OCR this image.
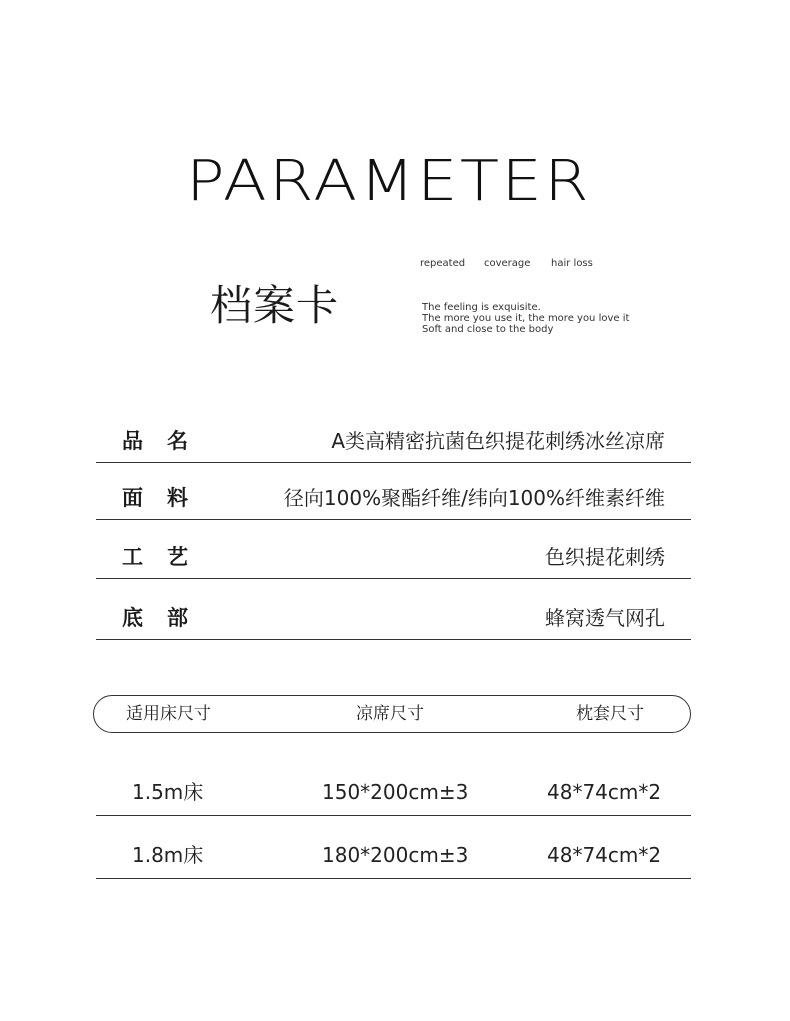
PARAMETER
档案卡
repeated coverage hair loss
The feeling is exquisite.
The more you use it, the more you love it
Soft and close to the body
品名	A类高精密抗菌色织提花刺绣冰丝凉席
面料	径向100%聚酯纤维/纬向100%纤维素纤维
工艺	色织提花刺绣
底部	蜂窝透气网孔
适用床尺寸	凉席尺寸	枕套尺寸
1.5m床	150*200cm±3	48*74cm*2
1.8m床	180*200cm±3	48*74cm*2
